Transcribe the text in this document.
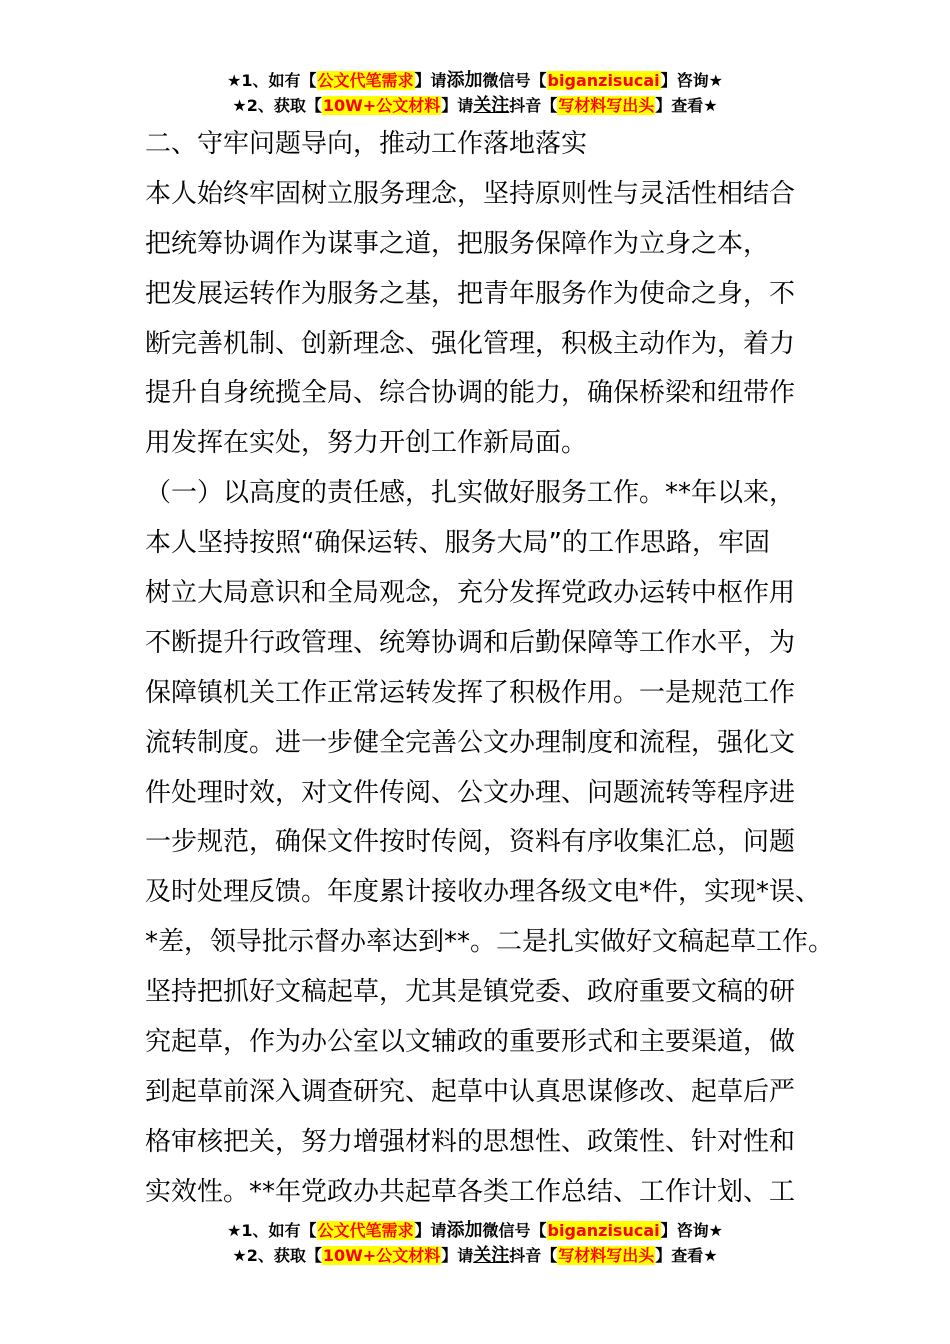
★1、如有【公文代笔需求】请添加微信号【biganzisucai】咨询★
★2、获取【10W+公文材料】请关注抖音【写材料写出头】查看★
二、守牢问题导向，推动工作落地落实
本人始终牢固树立服务理念，坚持原则性与灵活性相结合
把统筹协调作为谋事之道，把服务保障作为立身之本，
把发展运转作为服务之基，把青年服务作为使命之身，不
断完善机制、创新理念、强化管理，积极主动作为，着力
提升自身统揽全局、综合协调的能力，确保桥梁和纽带作
用发挥在实处，努力开创工作新局面。
（一）以高度的责任感，扎实做好服务工作。**年以来，
本人坚持按照“确保运转、服务大局”的工作思路，牢固
树立大局意识和全局观念，充分发挥党政办运转中枢作用
不断提升行政管理、统筹协调和后勤保障等工作水平，为
保障镇机关工作正常运转发挥了积极作用。一是规范工作
流转制度。进一步健全完善公文办理制度和流程，强化文
件处理时效，对文件传阅、公文办理、问题流转等程序进
一步规范，确保文件按时传阅，资料有序收集汇总，问题
及时处理反馈。年度累计接收办理各级文电*件，实现*误、
*差，领导批示督办率达到**。二是扎实做好文稿起草工作。
坚持把抓好文稿起草，尤其是镇党委、政府重要文稿的研
究起草，作为办公室以文辅政的重要形式和主要渠道，做
到起草前深入调查研究、起草中认真思谋修改、起草后严
格审核把关，努力增强材料的思想性、政策性、针对性和
实效性。**年党政办共起草各类工作总结、工作计划、工
★1、如有【公文代笔需求】请添加微信号【biganzisucai】咨询★
★2、获取【10W+公文材料】请关注抖音【写材料写出头】查看★
